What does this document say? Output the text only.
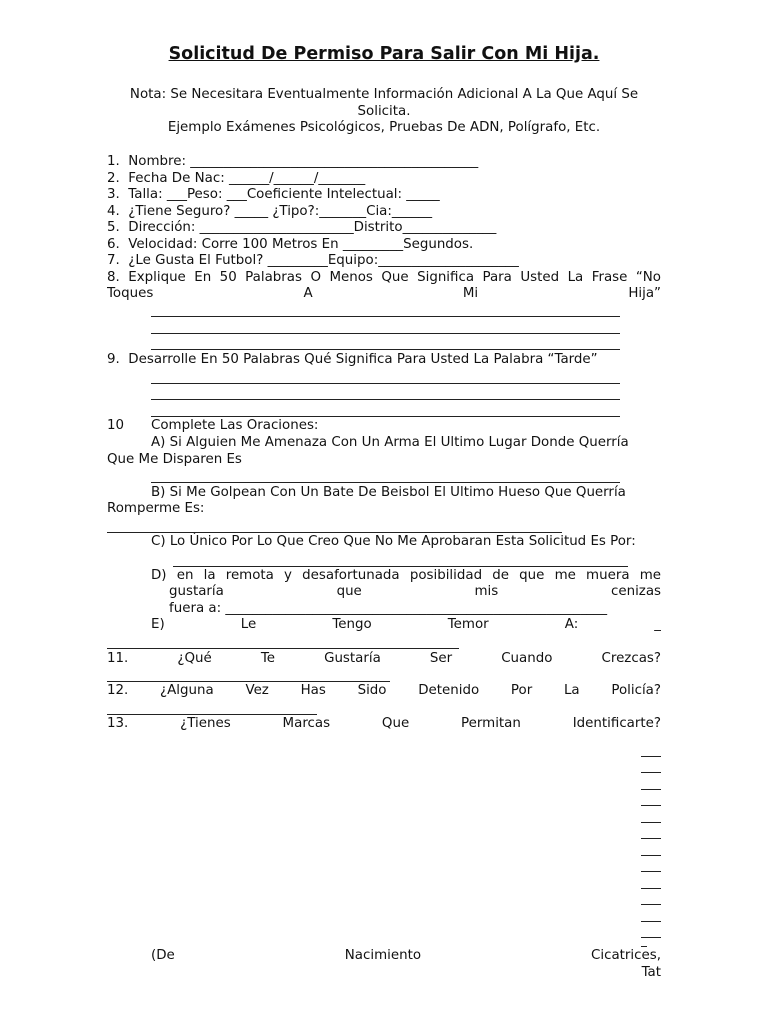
Solicitud De Permiso Para Salir Con Mi Hija.
Nota: Se Necesitara Eventualmente Información Adicional A La Que Aquí Se Solicita.
Ejemplo Exámenes Psicológicos, Pruebas De ADN, Polígrafo, Etc.
1.  Nombre: ___________________________________________
2.  Fecha De Nac: ______/______/_______
3.  Talla: ___Peso: ___Coeficiente Intelectual: _____
4.  ¿Tiene Seguro? _____ ¿Tipo?:_______Cia:______
5.  Dirección: _______________________Distrito______________
6.  Velocidad: Corre 100 Metros En _________Segundos.
7.  ¿Le Gusta El Futbol? _________Equipo:_____________________
8. Explique En 50 Palabras O Menos Que Significa Para Usted La Frase “No
Toques A Mi Hija”
9.  Desarrolle En 50 Palabras Qué Significa Para Usted La Palabra “Tarde”
10 Complete Las Oraciones:
A) Si Alguien Me Amenaza Con Un Arma El Ultimo Lugar Donde Querría
Que Me Disparen Es
B) Si Me Golpean Con Un Bate De Beisbol El Ultimo Hueso Que Querría
Romperme Es:
C) Lo Único Por Lo Que Creo Que No Me Aprobaran Esta Solicitud Es Por:
D) en la remota y desafortunada posibilidad de que me muera me
gustaría que mis cenizas
fuera a: _________________________________________________________
E) Le Tengo Temor A: _
11. ¿Qué Te Gustaría Ser Cuando Crezcas?
12. ¿Alguna Vez Has Sido Detenido Por La Policía?
13. ¿Tienes Marcas Que Permitan Identificarte?
(De Nacimiento Cicatrices,
Tat
